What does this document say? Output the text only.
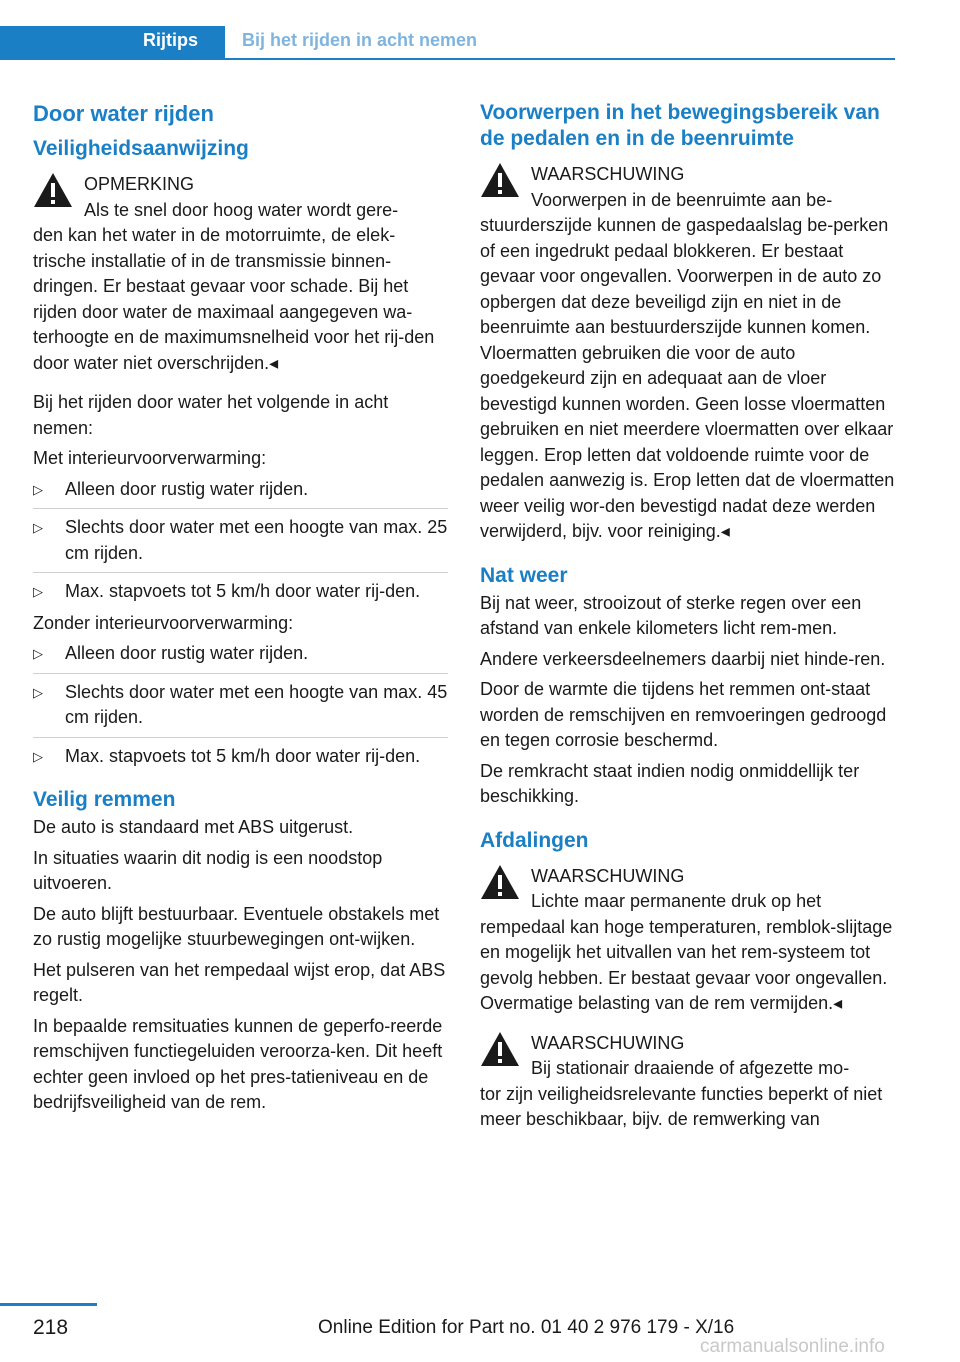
Rijtips Bij het rijden in acht nemen
Door water rijden
Veiligheidsaanwijzing

OPMERKING

Als te snel door hoog water wordt gere-

den kan het water in de motorruimte, de elek-trische installatie of in de transmissie binnen-dringen. Er bestaat gevaar voor schade. Bij het rijden door water de maximaal aangegeven wa-terhoogte en de maximumsnelheid voor het rij-den door water niet overschrijden.◂

Bij het rijden door water het volgende in acht nemen:

Met interieurvoorverwarming:

▷ Alleen door rustig water rijden.
▷ Slechts door water met een hoogte van max. 25 cm rijden.
▷ Max. stapvoets tot 5 km/h door water rij-den.

Zonder interieurvoorverwarming:

▷ Alleen door rustig water rijden.
▷ Slechts door water met een hoogte van max. 45 cm rijden.
▷ Max. stapvoets tot 5 km/h door water rij-den.
Veilig remmen

De auto is standaard met ABS uitgerust.

In situaties waarin dit nodig is een noodstop uitvoeren.

De auto blijft bestuurbaar. Eventuele obstakels met zo rustig mogelijke stuurbewegingen ont-wijken.

Het pulseren van het rempedaal wijst erop, dat ABS regelt.

In bepaalde remsituaties kunnen de geperfo-reerde remschijven functiegeluiden veroorza-ken. Dit heeft echter geen invloed op het pres-tatieniveau en de bedrijfsveiligheid van de rem.

Voorwerpen in het bewegingsbereik van de pedalen en in de beenruimte

WAARSCHUWING

Voorwerpen in de beenruimte aan be-

stuurderszijde kunnen de gaspedaalslag be-perken of een ingedrukt pedaal blokkeren. Er bestaat gevaar voor ongevallen. Voorwerpen in de auto zo opbergen dat deze beveiligd zijn en niet in de beenruimte aan bestuurderszijde kunnen komen. Vloermatten gebruiken die voor de auto goedgekeurd zijn en adequaat aan de vloer bevestigd kunnen worden. Geen losse vloermatten gebruiken en niet meerdere vloermatten over elkaar leggen. Erop letten dat voldoende ruimte voor de pedalen aanwezig is. Erop letten dat de vloermatten weer veilig wor-den bevestigd nadat deze werden verwijderd, bijv. voor reiniging.◂

Nat weer

Bij nat weer, strooizout of sterke regen over een afstand van enkele kilometers licht rem-men.

Andere verkeersdeelnemers daarbij niet hinde-ren.

Door de warmte die tijdens het remmen ont-staat worden de remschijven en remvoeringen gedroogd en tegen corrosie beschermd.

De remkracht staat indien nodig onmiddellijk ter beschikking.

Afdalingen

WAARSCHUWING

Lichte maar permanente druk op het

rempedaal kan hoge temperaturen, remblok-slijtage en mogelijk het uitvallen van het rem-systeem tot gevolg hebben. Er bestaat gevaar voor ongevallen. Overmatige belasting van de rem vermijden.◂

WAARSCHUWING

Bij stationair draaiende of afgezette mo-

tor zijn veiligheidsrelevante functies beperkt of niet meer beschikbaar, bijv. de remwerking van

218	Online Edition for Part no. 01 40 2 976 179 - X/16
carmanualsonline.info
